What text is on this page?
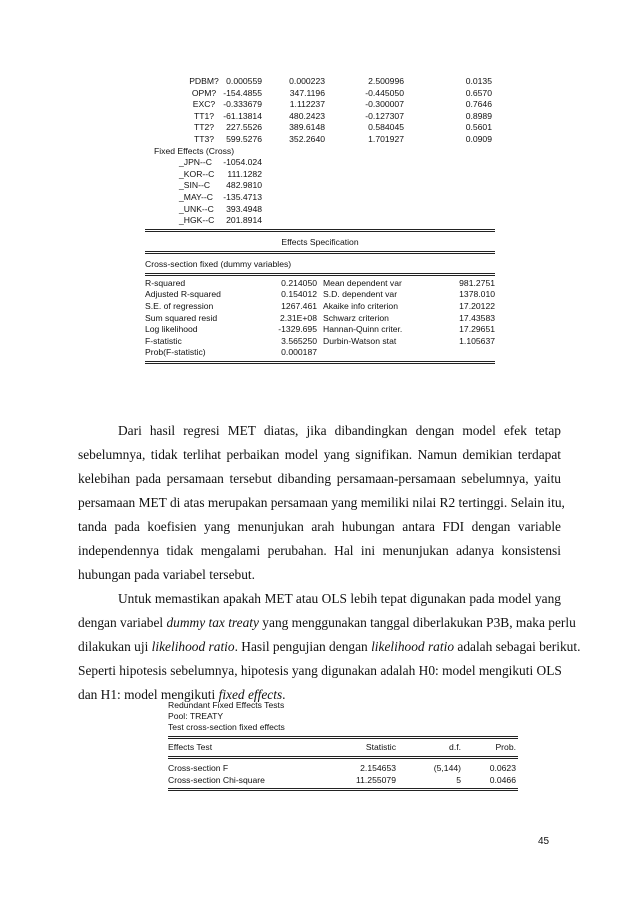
PDBM? 0.000559	0.000223	2.500996	0.0135
OPM? -154.4855	347.1196	-0.445050	0.6570
EXC? -0.333679	1.112237	-0.300007	0.7646
TT1?	-61.13814	480.2423	-0.127307	0.8989
TT2?	227.5526	389.6148	0.584045	0.5601
TT3?	599.5276	352.2640	1.701927	0.0909
Fixed Effects (Cross)
_JPN--C -1054.024
_KOR--C 111.1282
_SIN--C 482.9810
_MAY--C -135.4713
_UNK--C 393.4948
_HGK--C 201.8914
Effects Specification
Cross-section fixed (dummy variables)
R-squared	0.214050 Mean dependent var	981.2751
Adjusted R-squared	0.154012 S.D. dependent var	1378.010
S.E. of regression	1267.461 Akaike info criterion	17.20122
Sum squared resid	2.31E+08 Schwarz criterion	17.43583
Log likelihood	-1329.695 Hannan-Quinn criter.	17.29651
F-statistic	3.565250 Durbin-Watson stat	1.105637
Prob(F-statistic)	0.000187
Dari hasil regresi MET diatas, jika dibandingkan dengan model efek tetap
sebelumnya, tidak terlihat perbaikan model yang signifikan. Namun demikian terdapat
kelebihan pada persamaan tersebut dibanding persamaan-persamaan sebelumnya, yaitu
persamaan MET di atas merupakan persamaan yang memiliki nilai R2 tertinggi. Selain itu,
tanda pada koefisien yang menunjukan arah hubungan antara FDI dengan variable
independennya tidak mengalami perubahan. Hal ini menunjukan adanya konsistensi
hubungan pada variabel tersebut.
Untuk memastikan apakah MET atau OLS lebih tepat digunakan pada model yang
dengan variabel dummy tax treaty yang menggunakan tanggal diberlakukan P3B, maka perlu
dilakukan uji likelihood ratio. Hasil pengujian dengan likelihood ratio adalah sebagai berikut.
Seperti hipotesis sebelumnya, hipotesis yang digunakan adalah H0: model mengikuti OLS
dan H1: model mengikuti fixed effects.
Redundant Fixed Effects Tests
Pool: TREATY
Test cross-section fixed effects
Effects Test	Statistic	d.f.	Prob.
Cross-section F	2.154653	(5,144)	0.0623
Cross-section Chi-square	11.255079	5	0.0466
45
